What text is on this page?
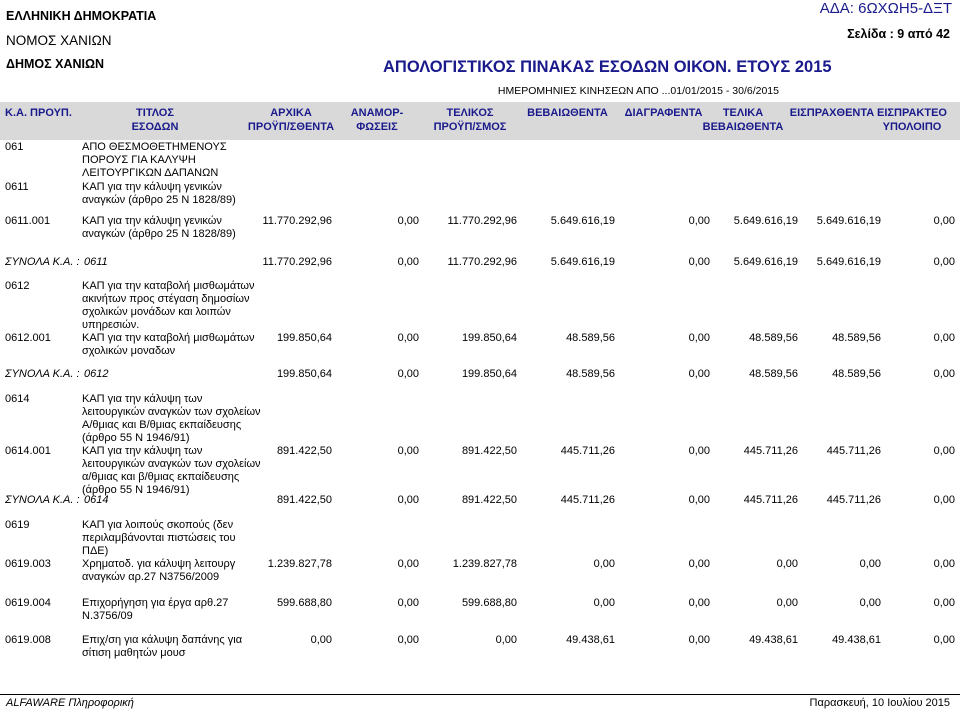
ΕΛΛΗΝΙΚΗ ΔΗΜΟΚΡΑΤΙΑ
ΝΟΜΟΣ ΧΑΝΙΩΝ
ΔΗΜΟΣ ΧΑΝΙΩΝ
ΑΔΑ: 6ΩΧΩΗ5-ΔΞΤ
Σελίδα : 9 από 42
ΑΠΟΛΟΓΙΣΤΙΚΟΣ ΠΙΝΑΚΑΣ ΕΣΟΔΩΝ ΟΙΚΟΝ. ΕΤΟΥΣ 2015
ΗΜΕΡΟΜΗΝΙΕΣ ΚΙΝΗΣΕΩΝ ΑΠΟ ...01/01/2015 - 30/6/2015
Κ.Α. ΠΡΟΥΠ.	ΤΙΤΛΟΣ
ΕΣΟΔΩΝ
ΑΡΧΙΚΑ
ΠΡΟΫΠ/ΣΘΕΝΤΑ
ΑΝΑΜΟΡ-
ΦΩΣΕΙΣ
ΤΕΛΙΚΟΣ
ΠΡΟΫΠ/ΣΜΟΣ
ΒΕΒΑΙΩΘΕΝΤΑ	ΔΙΑΓΡΑΦΕΝΤΑ	ΤΕΛΙΚΑ
ΒΕΒΑΙΩΘΕΝΤΑ
ΕΙΣΠΡΑΧΘΕΝΤΑ ΕΙΣΠΡΑΚΤΕΟ
ΥΠΟΛΟΙΠΟ
061	ΑΠΟ ΘΕΣΜΟΘΕΤΗΜΕΝΟΥΣ ΠΟΡΟΥΣ ΓΙΑ ΚΑΛΥΨΗ ΛΕΙΤΟΥΡΓΙΚΩΝ ΔΑΠΑΝΩΝ
0611	ΚΑΠ για την κάλυψη γενικών αναγκών (άρθρο 25 Ν 1828/89)
0611.001	ΚΑΠ για την κάλυψη γενικών αναγκών (άρθρο 25 Ν 1828/89)
11.770.292,96	0,00	11.770.292,96	5.649.616,19	0,00 5.649.616,19 5.649.616,19	0,00
ΣΥΝΟΛΑ Κ.Α. : 0611	11.770.292,96	0,00	11.770.292,96	5.649.616,19	0,00 5.649.616,19 5.649.616,19	0,00
0612	ΚΑΠ για την καταβολή μισθωμάτων ακινήτων προς στέγαση δημοσίων σχολικών μονάδων και λοιπών υπηρεσιών.
0612.001	ΚΑΠ για την καταβολή μισθωμάτων σχολικών μοναδων
199.850,64	0,00	199.850,64	48.589,56	0,00	48.589,56	48.589,56	0,00
ΣΥΝΟΛΑ Κ.Α. : 0612	199.850,64	0,00	199.850,64	48.589,56	0,00	48.589,56	48.589,56	0,00
0614	ΚΑΠ για την κάλυψη των λειτουργικών αναγκών των σχολείων Α/θμιας και Β/θμιας εκπαίδευσης (άρθρο 55 Ν 1946/91)
0614.001	ΚΑΠ για την κάλυψη των λειτουργικών αναγκών των σχολείων α/θμιας και β/θμιας εκπαίδευσης (άρθρο 55 Ν 1946/91)
891.422,50	0,00	891.422,50	445.711,26	0,00	445.711,26	445.711,26	0,00
ΣΥΝΟΛΑ Κ.Α. : 0614	891.422,50	0,00	891.422,50	445.711,26	0,00	445.711,26	445.711,26	0,00
0619	ΚΑΠ για λοιπούς σκοπούς (δεν περιλαμβάνονται πιστώσεις του ΠΔΕ)
0619.003	Χρηματοδ. για κάλυψη λειτουργ αναγκών αρ.27 Ν3756/2009
1.239.827,78	0,00	1.239.827,78	0,00	0,00	0,00	0,00	0,00
0619.004	Επιχορήγηση για έργα αρθ.27 Ν.3756/09
599.688,80	0,00	599.688,80	0,00	0,00	0,00	0,00	0,00
0619.008	Επιχ/ση για κάλυψη δαπάνης για σίτιση μαθητών μουσ
0,00	0,00	0,00	49.438,61	0,00	49.438,61	49.438,61	0,00
ALFAWARE Πληροφορική	Παρασκευή, 10 Ιουλίου 2015
